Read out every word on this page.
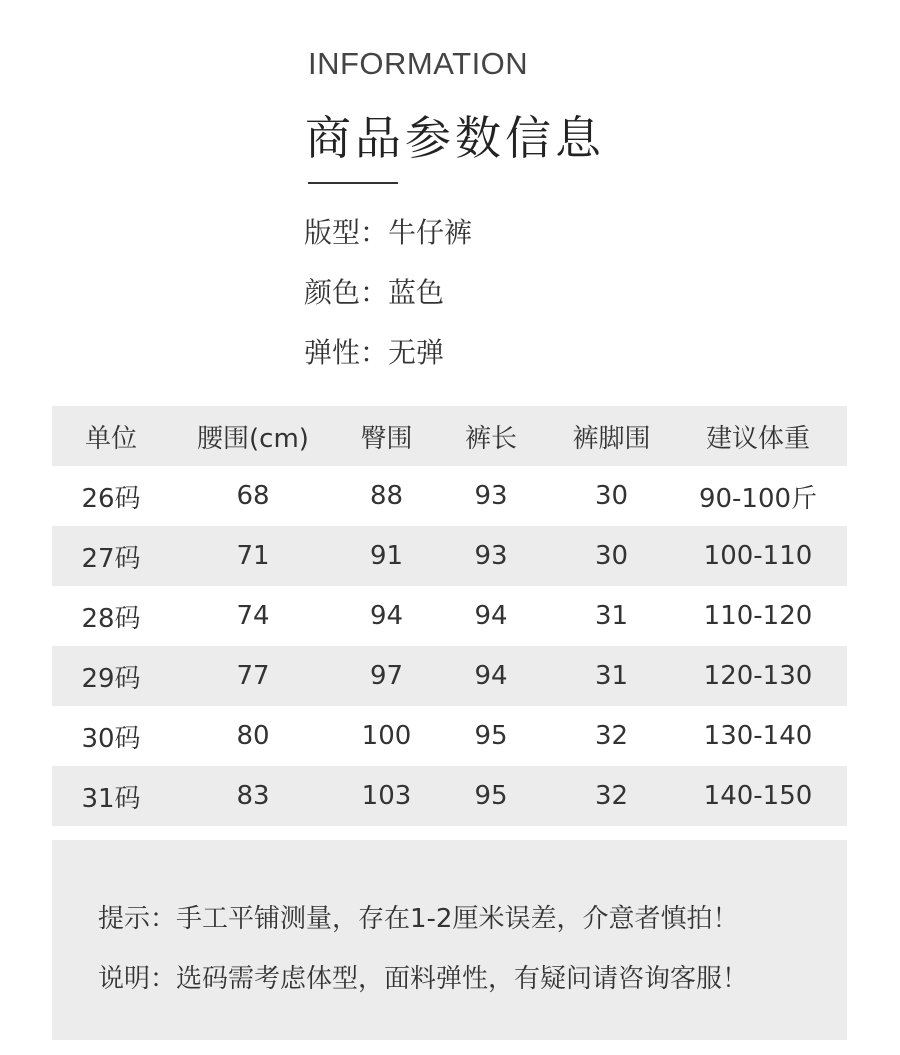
INFORMATION
商品参数信息
版型：牛仔裤
颜色：蓝色
弹性：无弹
单位	腰围(cm)	臀围	裤长	裤脚围	建议体重
26码	68	88	93	30	90-100斤
27码	71	91	93	30	100-110
28码	74	94	94	31	110-120
29码	77	97	94	31	120-130
30码	80	100	95	32	130-140
31码	83	103	95	32	140-150
提示：手工平铺测量，存在1-2厘米误差，介意者慎拍！
说明：选码需考虑体型，面料弹性，有疑问请咨询客服！
